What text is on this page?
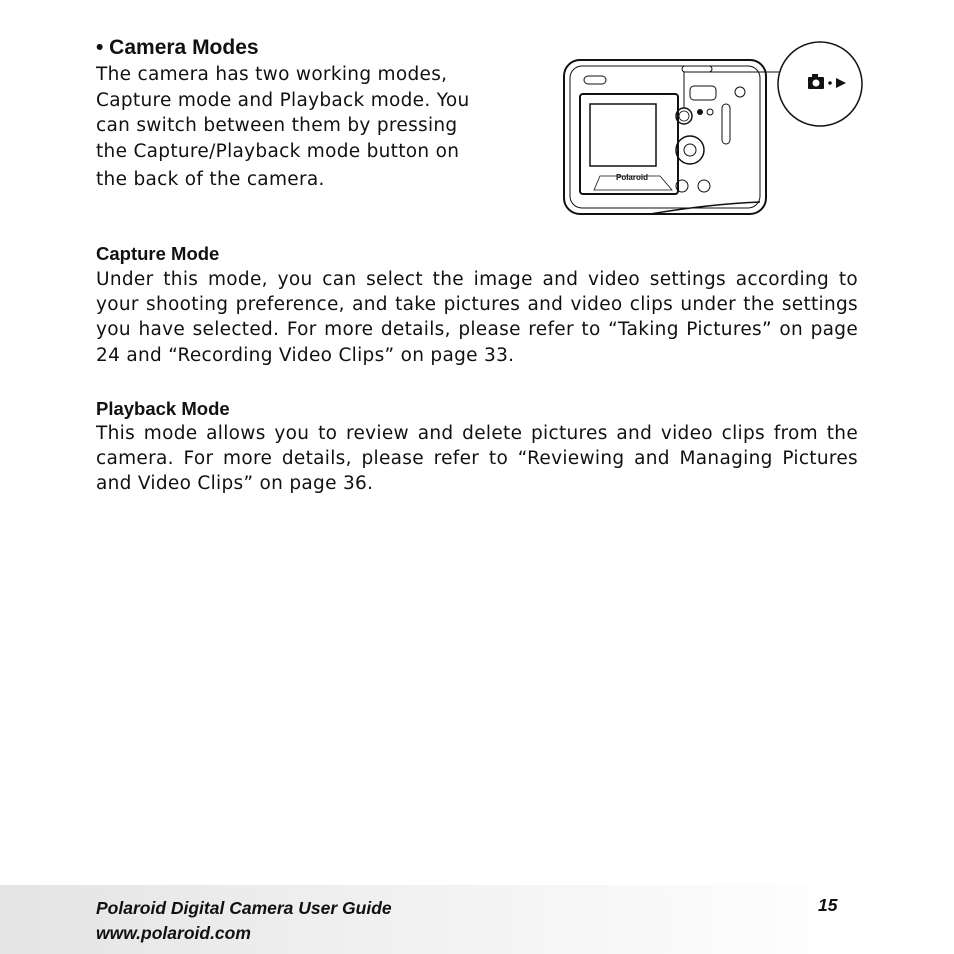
• Camera Modes
The camera has two working modes,
Capture mode and Playback mode. You
can switch between them by pressing
the Capture/Playback mode button on
the back of the camera.	Polaroid
Capture Mode
Under this mode, you can select the image and video settings according to your shooting preference, and take pictures and video clips under the settings you have selected. For more details, please refer to “Taking Pictures” on page 24 and “Recording Video Clips” on page 33.
Playback Mode
This mode allows you to review and delete pictures and video clips from the camera. For more details, please refer to “Reviewing and Managing Pictures and Video Clips” on page 36.
Polaroid Digital Camera User Guide
www.polaroid.com
15
